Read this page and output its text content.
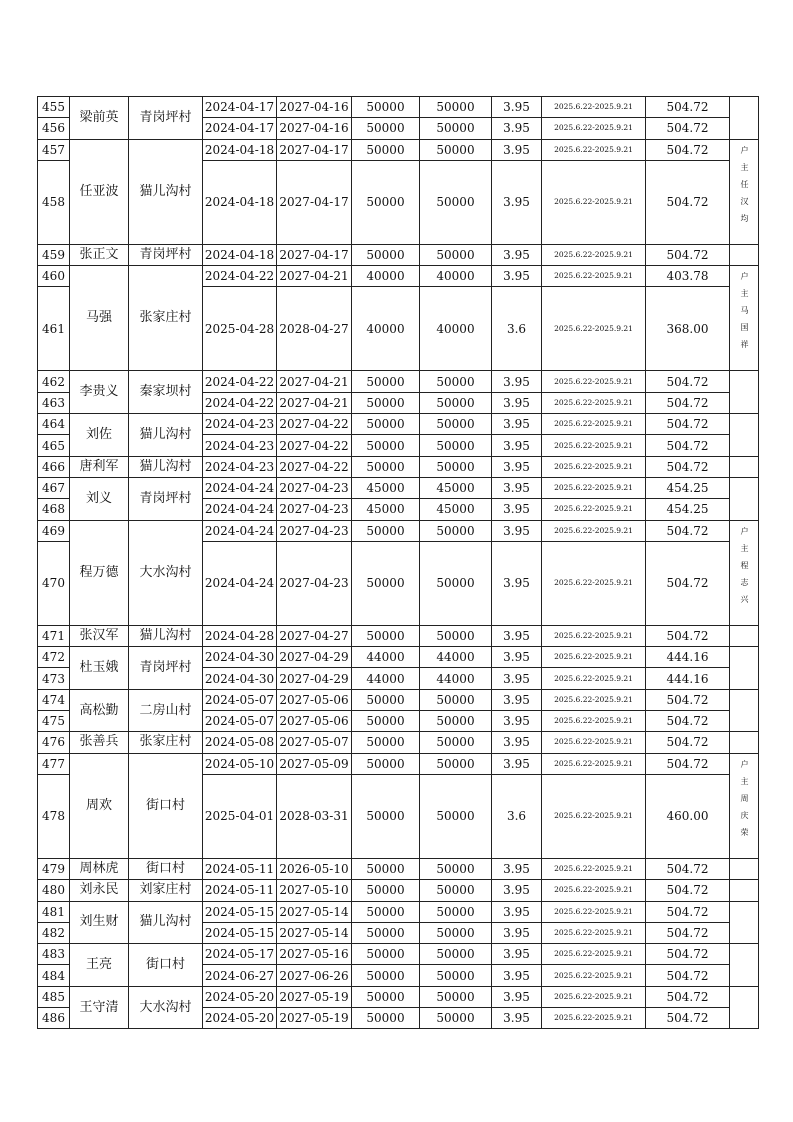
455	梁前英	青岗坪村	2024-04-17	2027-04-16	50000	50000	3.95	2025.6.22-2025.9.21	504.72	
456			2024-04-17	2027-04-16	50000	50000	3.95	2025.6.22-2025.9.21	504.72	
457	任亚波	猫儿沟村	2024-04-18	2027-04-17	50000	50000	3.95	2025.6.22-2025.9.21	504.72	户主任汉均
458			2024-04-18	2027-04-17	50000	50000	3.95	2025.6.22-2025.9.21	504.72	
459	张正文	青岗坪村	2024-04-18	2027-04-17	50000	50000	3.95	2025.6.22-2025.9.21	504.72	
460	马强	张家庄村	2024-04-22	2027-04-21	40000	40000	3.95	2025.6.22-2025.9.21	403.78	户主马国祥
461			2025-04-28	2028-04-27	40000	40000	3.6	2025.6.22-2025.9.21	368.00	
462	李贵义	秦家坝村	2024-04-22	2027-04-21	50000	50000	3.95	2025.6.22-2025.9.21	504.72	
463			2024-04-22	2027-04-21	50000	50000	3.95	2025.6.22-2025.9.21	504.72	
464	刘佐	猫儿沟村	2024-04-23	2027-04-22	50000	50000	3.95	2025.6.22-2025.9.21	504.72	
465			2024-04-23	2027-04-22	50000	50000	3.95	2025.6.22-2025.9.21	504.72	
466	唐利军	猫儿沟村	2024-04-23	2027-04-22	50000	50000	3.95	2025.6.22-2025.9.21	504.72	
467	刘义	青岗坪村	2024-04-24	2027-04-23	45000	45000	3.95	2025.6.22-2025.9.21	454.25	
468			2024-04-24	2027-04-23	45000	45000	3.95	2025.6.22-2025.9.21	454.25	
469	程万德	大水沟村	2024-04-24	2027-04-23	50000	50000	3.95	2025.6.22-2025.9.21	504.72	户主程志兴
470			2024-04-24	2027-04-23	50000	50000	3.95	2025.6.22-2025.9.21	504.72	
471	张汉军	猫儿沟村	2024-04-28	2027-04-27	50000	50000	3.95	2025.6.22-2025.9.21	504.72	
472	杜玉娥	青岗坪村	2024-04-30	2027-04-29	44000	44000	3.95	2025.6.22-2025.9.21	444.16	
473			2024-04-30	2027-04-29	44000	44000	3.95	2025.6.22-2025.9.21	444.16	
474	高松勤	二房山村	2024-05-07	2027-05-06	50000	50000	3.95	2025.6.22-2025.9.21	504.72	
475			2024-05-07	2027-05-06	50000	50000	3.95	2025.6.22-2025.9.21	504.72	
476	张善兵	张家庄村	2024-05-08	2027-05-07	50000	50000	3.95	2025.6.22-2025.9.21	504.72	
477	周欢	街口村	2024-05-10	2027-05-09	50000	50000	3.95	2025.6.22-2025.9.21	504.72	户主周庆荣
478			2025-04-01	2028-03-31	50000	50000	3.6	2025.6.22-2025.9.21	460.00	
479	周林虎	街口村	2024-05-11	2026-05-10	50000	50000	3.95	2025.6.22-2025.9.21	504.72	
480	刘永民	刘家庄村	2024-05-11	2027-05-10	50000	50000	3.95	2025.6.22-2025.9.21	504.72	
481	刘生财	猫儿沟村	2024-05-15	2027-05-14	50000	50000	3.95	2025.6.22-2025.9.21	504.72	
482			2024-05-15	2027-05-14	50000	50000	3.95	2025.6.22-2025.9.21	504.72	
483	王亮	街口村	2024-05-17	2027-05-16	50000	50000	3.95	2025.6.22-2025.9.21	504.72	
484			2024-06-27	2027-06-26	50000	50000	3.95	2025.6.22-2025.9.21	504.72	
485	王守清	大水沟村	2024-05-20	2027-05-19	50000	50000	3.95	2025.6.22-2025.9.21	504.72	
486			2024-05-20	2027-05-19	50000	50000	3.95	2025.6.22-2025.9.21	504.72	
